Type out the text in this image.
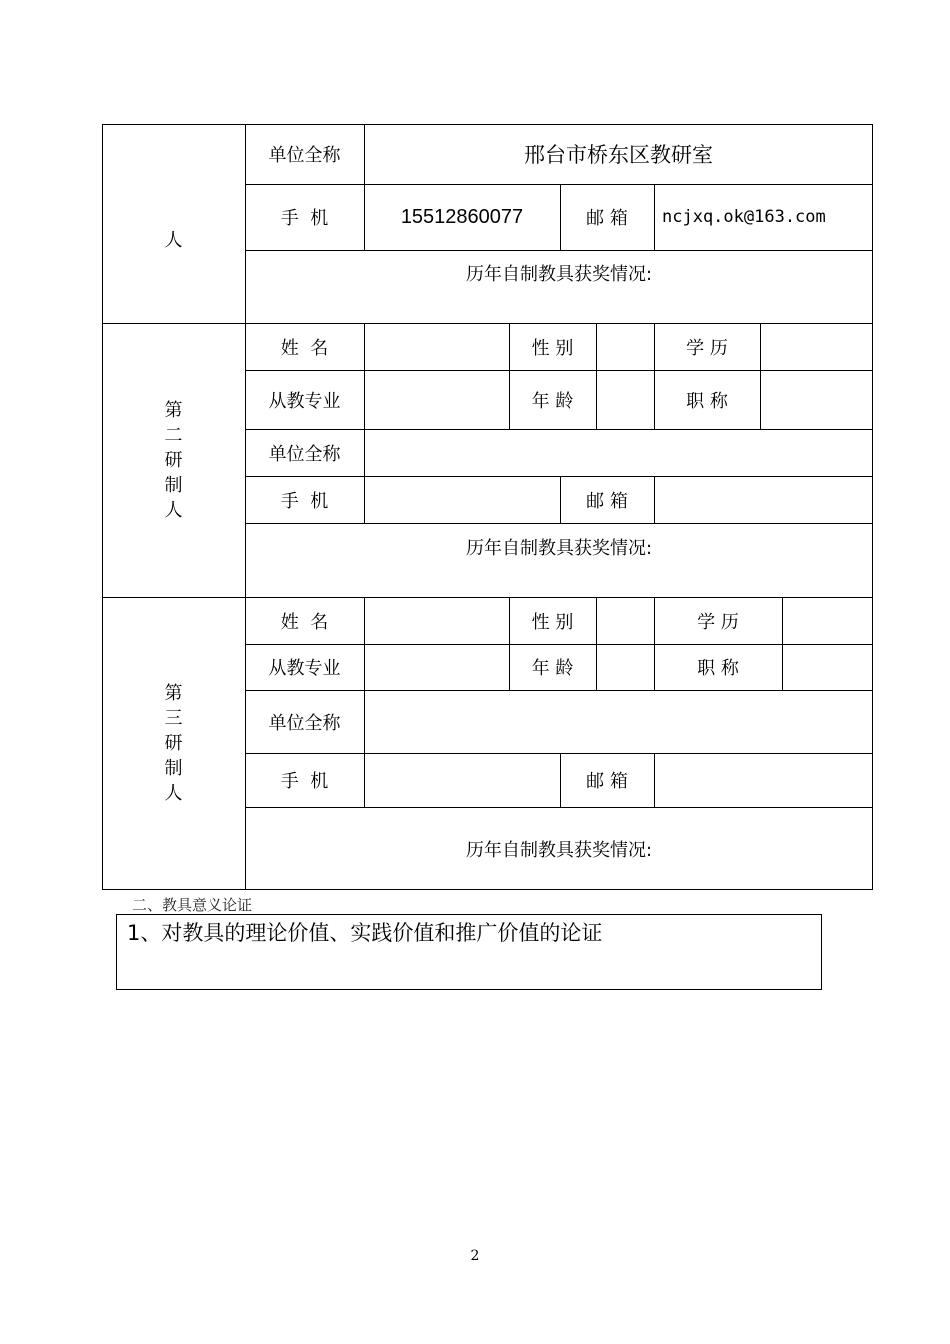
人
单位全称	邢台市桥东区教研室
手  机	15512860077	邮 箱	ncjxq.ok@163.com
历年自制教具获奖情况:
第
二
研
制
人
姓  名	性 别	学 历
从教专业	年 龄	职 称
单位全称
手  机	邮 箱
历年自制教具获奖情况:
第
三
研
制
人
姓  名	性 别	学 历
从教专业	年 龄	职 称
单位全称
手  机	邮 箱
历年自制教具获奖情况:
二、教具意义论证
1、对教具的理论价值、实践价值和推广价值的论证
2
